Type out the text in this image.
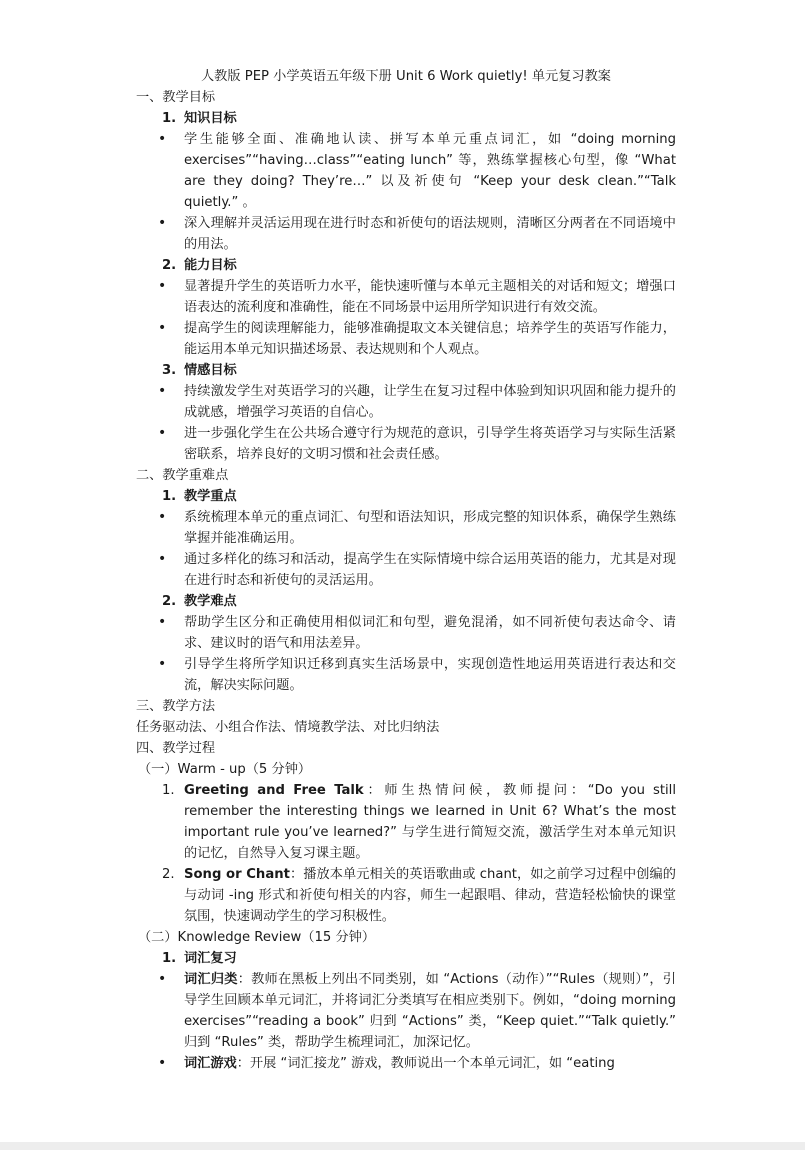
人教版 PEP 小学英语五年级下册 Unit 6 Work quietly! 单元复习教案
一、教学目标
1. 知识目标
• 学生能够全面、准确地认读、拼写本单元重点词汇，如 “doing morning exercises”“having…class”“eating lunch” 等，熟练掌握核心句型，像 “What are they doing? They’re…” 以及祈使句 “Keep your desk clean.”“Talk quietly.” 。
• 深入理解并灵活运用现在进行时态和祈使句的语法规则，清晰区分两者在不同语境中的用法。
2. 能力目标
• 显著提升学生的英语听力水平，能快速听懂与本单元主题相关的对话和短文；增强口语表达的流利度和准确性，能在不同场景中运用所学知识进行有效交流。
• 提高学生的阅读理解能力，能够准确提取文本关键信息；培养学生的英语写作能力，能运用本单元知识描述场景、表达规则和个人观点。
3. 情感目标
• 持续激发学生对英语学习的兴趣，让学生在复习过程中体验到知识巩固和能力提升的成就感，增强学习英语的自信心。
• 进一步强化学生在公共场合遵守行为规范的意识，引导学生将英语学习与实际生活紧密联系，培养良好的文明习惯和社会责任感。
二、教学重难点
1. 教学重点
• 系统梳理本单元的重点词汇、句型和语法知识，形成完整的知识体系，确保学生熟练掌握并能准确运用。
• 通过多样化的练习和活动，提高学生在实际情境中综合运用英语的能力，尤其是对现在进行时态和祈使句的灵活运用。
2. 教学难点
• 帮助学生区分和正确使用相似词汇和句型，避免混淆，如不同祈使句表达命令、请求、建议时的语气和用法差异。
• 引导学生将所学知识迁移到真实生活场景中，实现创造性地运用英语进行表达和交流，解决实际问题。
三、教学方法
任务驱动法、小组合作法、情境教学法、对比归纳法
四、教学过程
（一）Warm - up（5 分钟）
1. Greeting and Free Talk：师生热情问候，教师提问：“Do you still remember the interesting things we learned in Unit 6? What’s the most important rule you’ve learned?” 与学生进行简短交流，激活学生对本单元知识的记忆，自然导入复习课主题。
2. Song or Chant：播放本单元相关的英语歌曲或 chant，如之前学习过程中创编的与动词 -ing 形式和祈使句相关的内容，师生一起跟唱、律动，营造轻松愉快的课堂氛围，快速调动学生的学习积极性。
（二）Knowledge Review（15 分钟）
1. 词汇复习
• 词汇归类：教师在黑板上列出不同类别，如 “Actions（动作）”“Rules（规则）”，引导学生回顾本单元词汇，并将词汇分类填写在相应类别下。例如，“doing morning exercises”“reading a book” 归到 “Actions” 类，“Keep quiet.”“Talk quietly.” 归到 “Rules” 类，帮助学生梳理词汇，加深记忆。
• 词汇游戏：开展 “词汇接龙” 游戏，教师说出一个本单元词汇，如 “eating
